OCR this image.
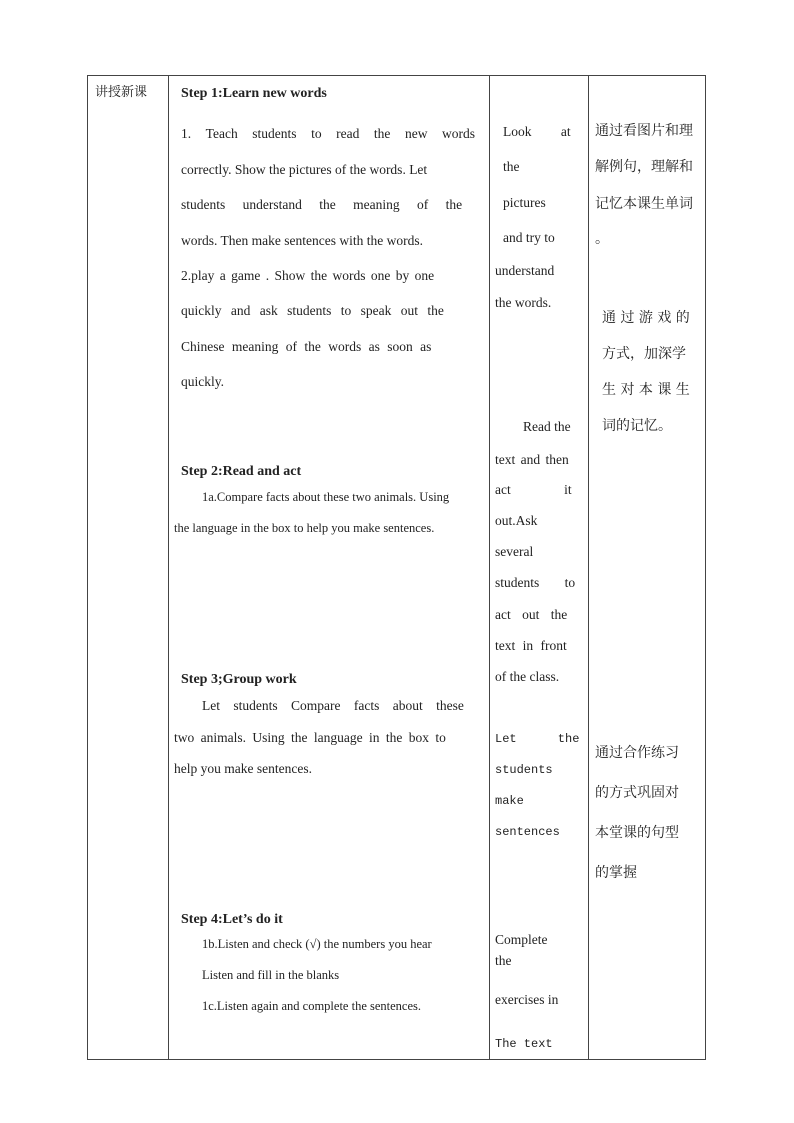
讲授新课 Step 1:Learn new words
1. Teach students to read the new words
correctly. Show the pictures of the words. Let
students understand the meaning of the
words. Then make sentences with the words.
2.play a game . Show the words one by one
quickly and ask students to speak out the
Chinese meaning of the words as soon as
quickly.
Step 2:Read and act
1a.Compare facts about these two animals. Using
the language in the box to help you make sentences.
Step 3;Group work
Let students Compare facts about these
two animals. Using the language in the box to
help you make sentences.
Step 4:Let’s do it
1b.Listen and check (√) the numbers you hear
Listen and fill in the blanks
1c.Listen again and complete the sentences.
Look at
the
pictures
and try to
understand
the words.
Read the
text and then
act it
out.Ask
several
students to
act out the
text in front
of the class.
Let the
students
make
sentences
Complete
the
exercises in
The text
通过看图片和理
解例句，理解和
记忆本课生单词
。
通 过 游 戏 的
方式，加深学
生 对 本 课 生
词的记忆。
通过合作练习
的方式巩固对
本堂课的句型
的掌握
